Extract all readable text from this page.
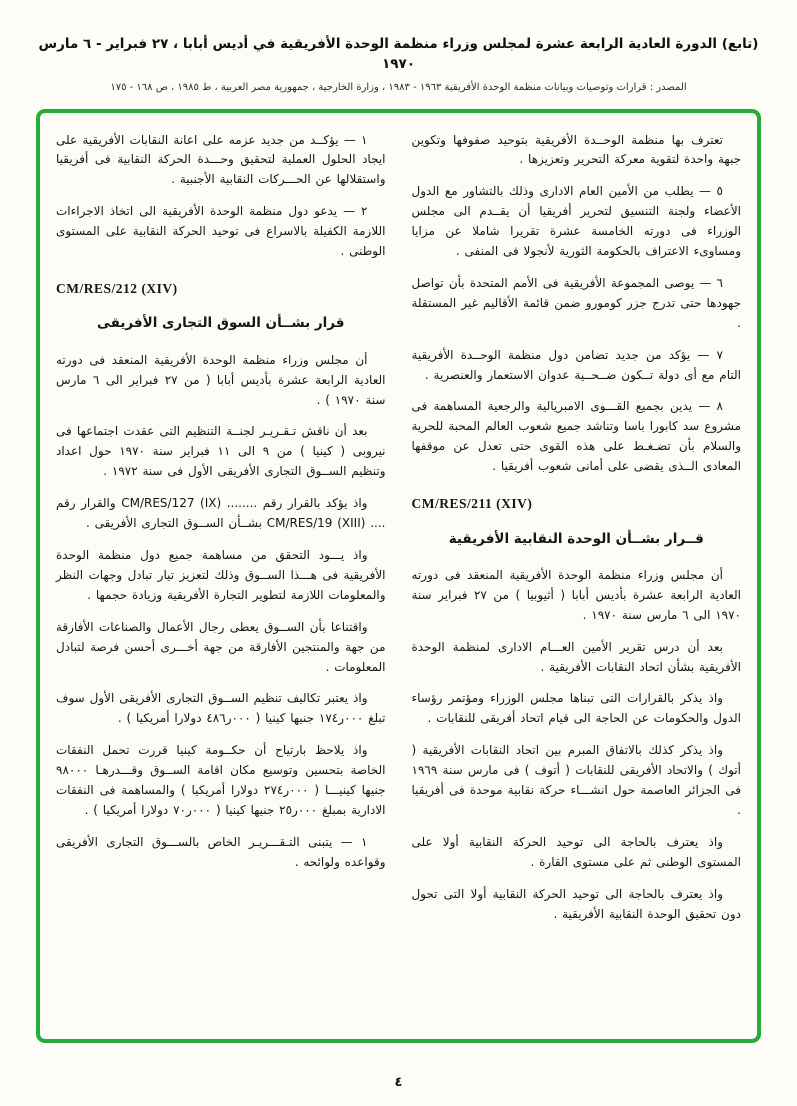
(تابع) الدورة العادية الرابعة عشرة لمجلس وزراء منظمة الوحدة الأفريقية في أديس أبابا ، ٢٧ فبراير - ٦ مارس ١٩٧٠
المصدر : قرارات وتوصيات وبيانات منظمة الوحدة الأفريقية ١٩٦٣ - ١٩٨٣ ، وزارة الخارجية ، جمهورية مصر العربية ، ط ١٩٨٥ ، ص ١٦٨ - ١٧٥

تعترف بها منظمة الوحــدة الأفريقية بتوحيد صفوفها وتكوين جبهة واحدة لتقوية معركة التحرير وتعزيزها .

٥ — يطلب من الأمين العام الادارى وذلك بالتشاور مع الدول الأعضاء ولجنة التنسيق لتحرير أفريقيا أن يقــدم الى مجلس الوزراء فى دورته الخامسة عشرة تقريرا شاملا عن مزايا ومساوىء الاعتراف بالحكومة الثورية لأنجولا فى المنفى .

٦ — يوصى المجموعة الأفريقية فى الأمم المتحدة بأن تواصل جهودها حتى تدرج جزر كومورو ضمن قائمة الأقاليم غير المستقلة .

٧ — يؤكد من جديد تضامن دول منظمة الوحــدة الأفريقية التام مع أى دولة تــكون ضــحــية عدوان الاستعمار والعنصرية .

٨ — يدين بجميع القـــوى الامبريالية والرجعية المساهمة فى مشروع سد كابورا باسا وتناشد جميع شعوب العالم المحبة للحرية والسلام بأن تضـغـط على هذه القوى حتى تعدل عن موقفها المعادى الــذى يقضى على أمانى شعوب أفريقيا .

CM/RES/211 (XIV)

قــرار بشــأن الوحدة النقابية الأفريقية

أن مجلس وزراء منظمة الوحدة الأفريقية المنعقد فى دورته العادية الرابعة عشرة بأديس أبابا ( أثيوبيا ) من ٢٧ فبراير سنة ١٩٧٠ الى ٦ مارس سنة ١٩٧٠ .

بعد أن درس تقرير الأمين العـــام الادارى لمنظمة الوحدة الأفريقية بشأن اتحاد النقابات الأفريقية .

واذ يذكر بالقرارات التى تبناها مجلس الوزراء ومؤتمر رؤساء الدول والحكومات عن الحاجة الى قيام اتحاد أفريقى للنقابات .

واذ يذكر كذلك بالاتفاق المبرم بين اتحاد النقابات الأفريقية ( أتوك ) والاتحاد الأفريقى للنقابات ( أتوف ) فى مارس سنة ١٩٦٩ فى الجزائر العاصمة حول انشـــاء حركة نقابية موحدة فى أفريقيا .

واذ يعترف بالحاجة الى توحيد الحركة النقابية أولا على المستوى الوطنى ثم على مستوى القارة .

واذ يعترف بالحاجة الى توحيد الحركة النقابية أولا التى تحول دون تحقيق الوحدة النقابية الأفريقية .

١ — يؤكــد من جديد عزمه على اعانة النقابات الأفريقية على ايجاد الحلول العملية لتحقيق وحـــدة الحركة النقابية فى أفريقيا واستقلالها عن الحـــركات النقابية الأجنبية .

٢ — يدعو دول منظمة الوحدة الأفريقية الى اتخاذ الاجراءات اللازمة الكفيلة بالاسراع فى توحيد الحركة النقابية على المستوى الوطنى .

CM/RES/212 (XIV)

قرار بشــأن السوق التجارى الأفريقى

أن مجلس وزراء منظمة الوحدة الأفريقية المنعقد فى دورته العادية الرابعة عشرة بأديس أبابا ( من ٢٧ فبراير الى ٦ مارس سنة ١٩٧٠ ) .

بعد أن ناقش تـقـريـر لجنــة التنظيم التى عقدت اجتماعها فى نيروبى ( كينيا ) من ٩ الى ١١ فبراير سنة ١٩٧٠ حول اعداد وتنظيم الســوق التجارى الأفريقى الأول فى سنة ١٩٧٢ .

واذ يؤكد بالقرار رقم ........ CM/RES/127 (IX) والقرار رقم .... CM/RES/19 (XIII) بشــأن الســوق التجارى الأفريقى .

واذ يـــود التحقق من مساهمة جميع دول منظمة الوحدة الأفريقية فى هـــذا الســوق وذلك لتعزيز تيار تبادل وجهات النظر والمعلومات اللازمة لتطوير التجارة الأفريقية وزيادة حجمها .

واقتناعا بأن الســوق يعطى رجال الأعمال والصناعات الأفارقة من جهة والمنتجين الأفارقة من جهة أخـــرى أحسن فرصة لتبادل المعلومات .

واذ يعتبر تكاليف تنظيم الســوق التجارى الأفريقى الأول سوف تبلغ ٠٠٠ر١٧٤ جنيها كينيا ( ٠٠٠ر٤٨٦ دولارا أمريكيا ) .

واذ يلاحظ بارتياح أن حكــومة كينيا قررت تحمل النفقات الخاصة بتحسين وتوسيع مكان اقامة الســوق وقـــدرهـا ٩٨٠٠٠ جنيها كينيـــا ( ٠٠٠ر٢٧٤ دولارا أمريكيا ) والمساهمة فى النفقات الادارية بمبلغ ٠٠٠ر٢٥ جنيها كينيا ( ٠٠٠ر٧٠ دولارا أمريكيا ) .

١ — يتبنى التـقـــريـر الخاص بالســـوق التجارى الأفريقى وقواعده ولوائحه .

٤
